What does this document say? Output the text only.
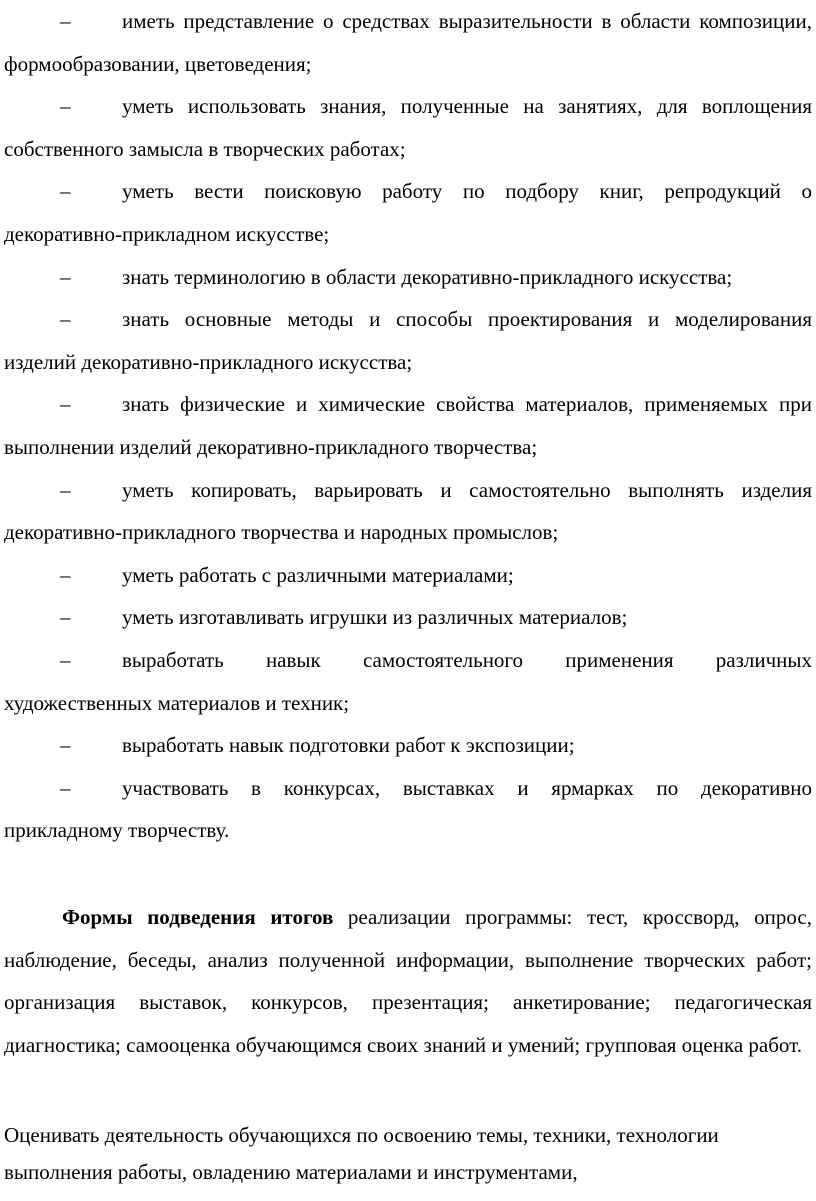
– иметь представление о средствах выразительности в области композиции, формообразовании, цветоведения;
– уметь использовать знания, полученные на занятиях, для воплощения собственного замысла в творческих работах;
– уметь вести поисковую работу по подбору книг, репродукций о декоративно-прикладном искусстве;
– знать терминологию в области декоративно-прикладного искусства;
– знать основные методы и способы проектирования и моделирования изделий декоративно-прикладного искусства;
– знать физические и химические свойства материалов, применяемых при выполнении изделий декоративно-прикладного творчества;
– уметь копировать, варьировать и самостоятельно выполнять изделия декоративно-прикладного творчества и народных промыслов;
– уметь работать с различными материалами;
– уметь изготавливать игрушки из различных материалов;
– выработать навык самостоятельного применения различных художественных материалов и техник;
– выработать навык подготовки работ к экспозиции;
– участвовать в конкурсах, выставках и ярмарках по декоративно прикладному творчеству.

Формы подведения итогов реализации программы: тест, кроссворд, опрос, наблюдение, беседы, анализ полученной информации, выполнение творческих работ; организация выставок, конкурсов, презентация; анкетирование; педагогическая диагностика; самооценка обучающимся своих знаний и умений; групповая оценка работ.

Оценивать деятельность обучающихся по освоению темы, техники, технологии выполнения работы, овладению материалами и инструментами,
